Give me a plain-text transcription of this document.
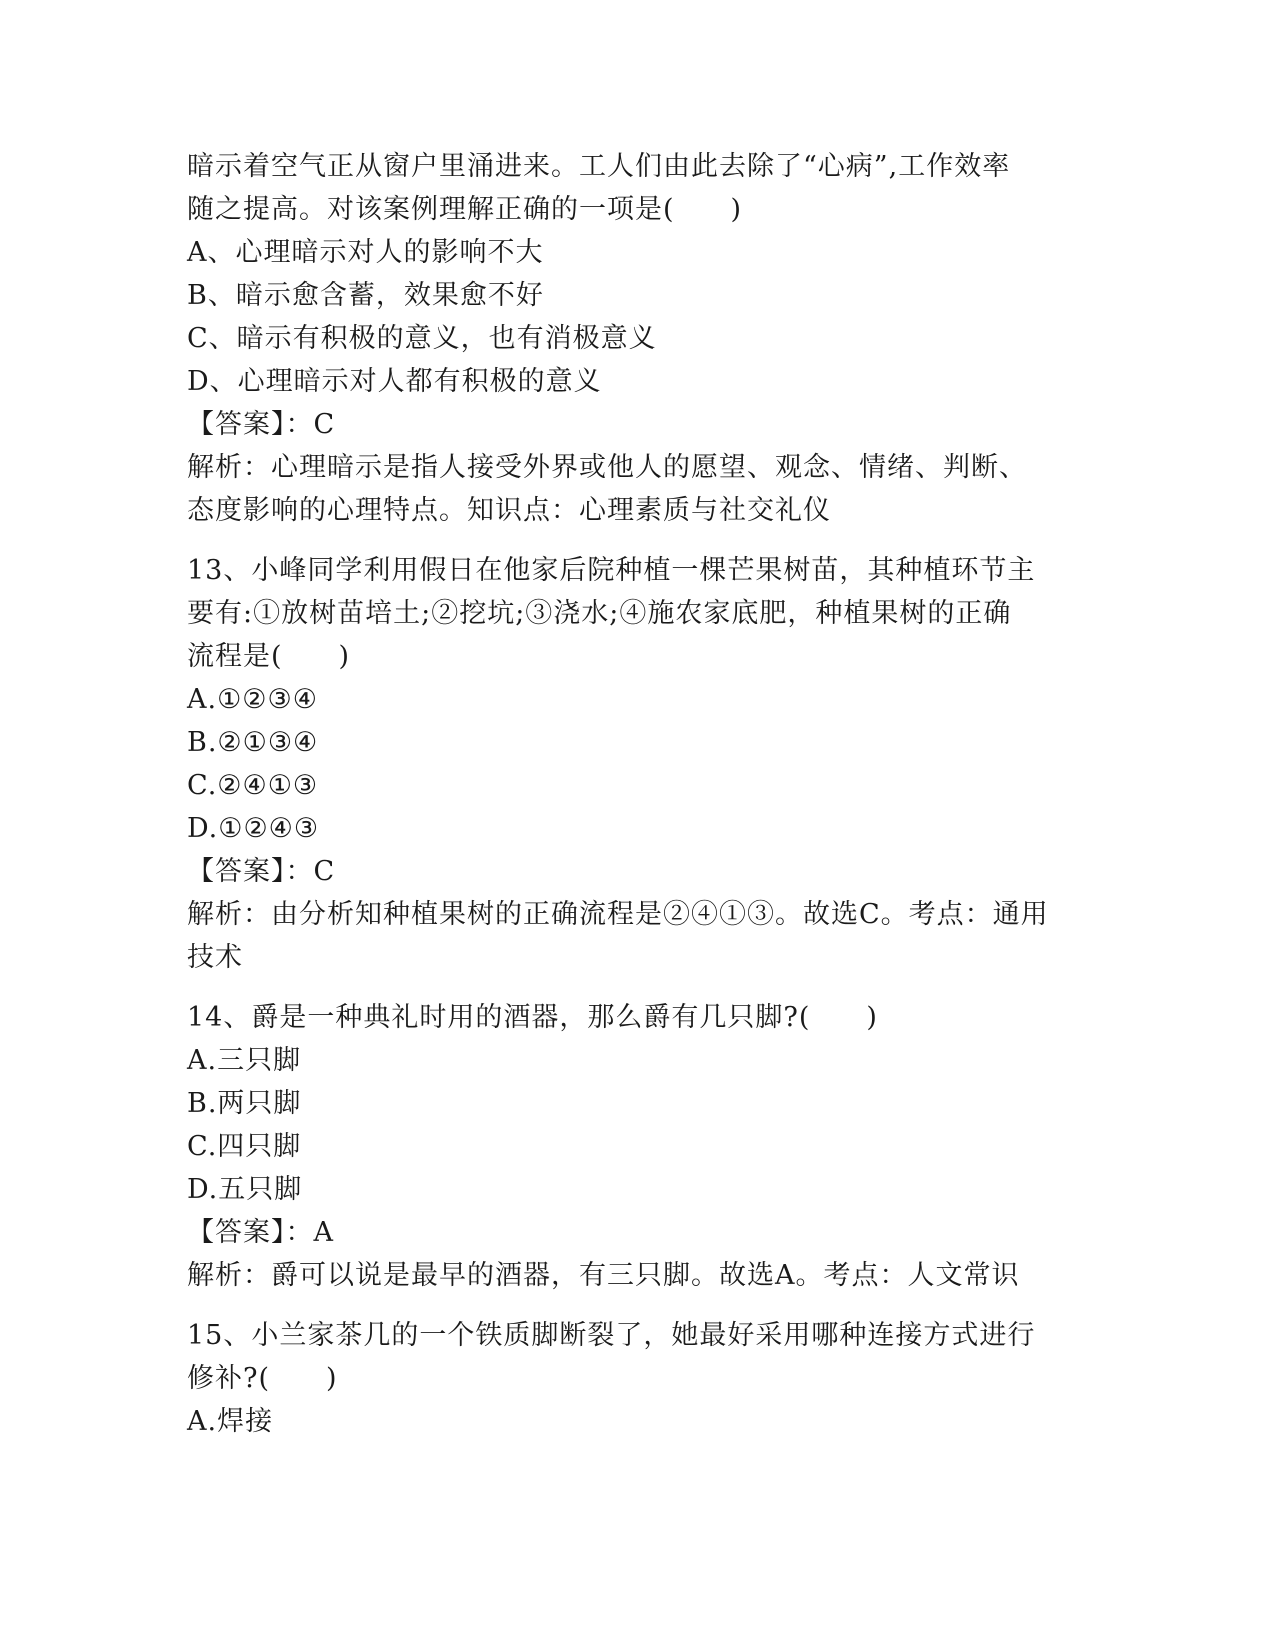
暗示着空气正从窗户里涌进来。工人们由此去除了“心病”,工作效率
随之提高。对该案例理解正确的一项是(　　)
A、心理暗示对人的影响不大
B、暗示愈含蓄，效果愈不好
C、暗示有积极的意义，也有消极意义
D、心理暗示对人都有积极的意义
【答案】：C
解析：心理暗示是指人接受外界或他人的愿望、观念、情绪、判断、
态度影响的心理特点。知识点：心理素质与社交礼仪
13、小峰同学利用假日在他家后院种植一棵芒果树苗，其种植环节主
要有:①放树苗培土;②挖坑;③浇水;④施农家底肥，种植果树的正确
流程是(　　)
A.①②③④
B.②①③④
C.②④①③
D.①②④③
【答案】：C
解析：由分析知种植果树的正确流程是②④①③。故选C。考点：通用
技术
14、爵是一种典礼时用的酒器，那么爵有几只脚?(　　)
A.三只脚
B.两只脚
C.四只脚
D.五只脚
【答案】：A
解析：爵可以说是最早的酒器，有三只脚。故选A。考点：人文常识
15、小兰家茶几的一个铁质脚断裂了，她最好采用哪种连接方式进行
修补?(　　)
A.焊接
